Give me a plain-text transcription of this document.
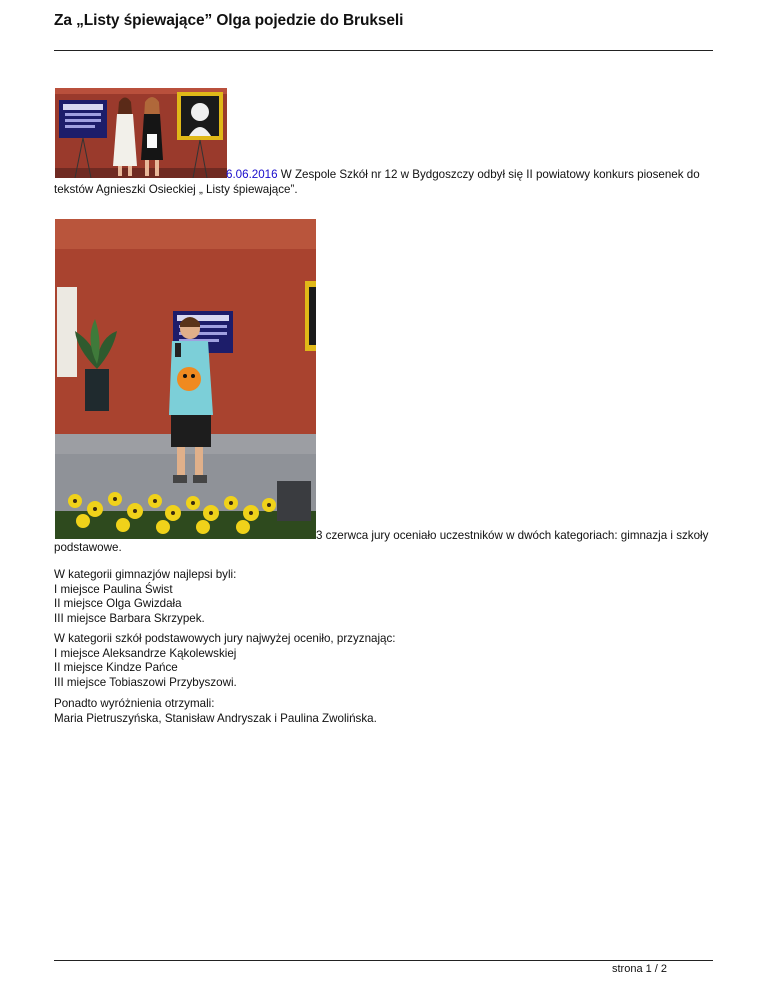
Za „Listy śpiewające” Olga pojedzie do Brukseli
6.06.2016 W Zespole Szkół nr 12 w Bydgoszczy odbył się II powiatowy konkurs piosenek do
tekstów Agnieszki Osieckiej „ Listy śpiewające”.
3 czerwca jury oceniało uczestników w dwóch kategoriach: gimnazja i szkoły
podstawowe.
W kategorii gimnazjów najlepsi byli:
I miejsce Paulina Świst
II miejsce Olga Gwizdała
III miejsce Barbara Skrzypek.
W kategorii szkół podstawowych jury najwyżej oceniło, przyznając:
I miejsce Aleksandrze Kąkolewskiej
II miejsce Kindze Pańce
III miejsce Tobiaszowi Przybyszowi.
Ponadto wyróżnienia otrzymali:
Maria Pietruszyńska, Stanisław Andryszak i Paulina Zwolińska.
strona 1 / 2
